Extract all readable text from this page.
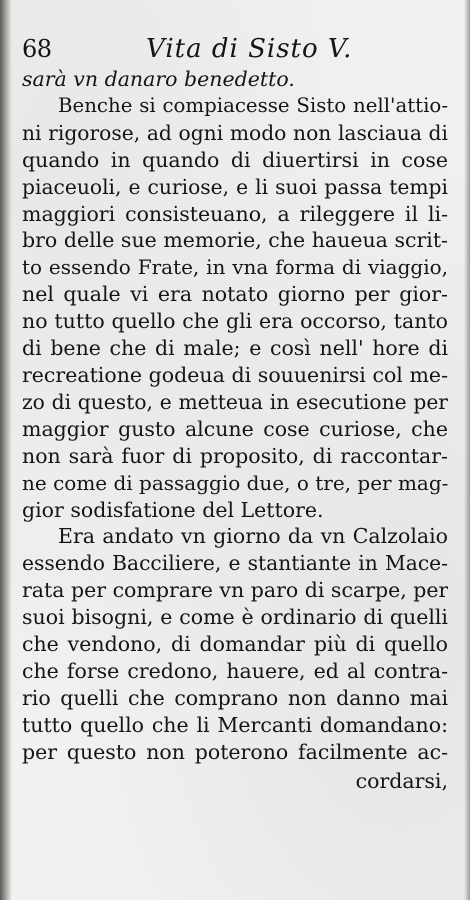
68	Vita di Sisto V.
sarà vn danaro benedetto.
Benche si compiacesse Sisto nell'attio-
ni rigorose, ad ogni modo non lasciaua di
quando in quando di diuertirsi in cose
piaceuoli, e curiose, e li suoi passa tempi
maggiori consisteuano, a rileggere il li-
bro delle sue memorie, che haueua scrit-
to essendo Frate, in vna forma di viaggio,
nel quale vi era notato giorno per gior-
no tutto quello che gli era occorso, tanto
di bene che di male; e così nell' hore di
recreatione godeua di souuenirsi col me-
zo di questo, e metteua in esecutione per
maggior gusto alcune cose curiose, che
non sarà fuor di proposito, di raccontar-
ne come di passaggio due, o tre, per mag-
gior sodisfatione del Lettore.
Era andato vn giorno da vn Calzolaio
essendo Bacciliere, e stantiante in Mace-
rata per comprare vn paro di scarpe, per
suoi bisogni, e come è ordinario di quelli
che vendono, di domandar più di quello
che forse credono, hauere, ed al contra-
rio quelli che comprano non danno mai
tutto quello che li Mercanti domandano:
per questo non poterono facilmente ac-
cordarsi,
